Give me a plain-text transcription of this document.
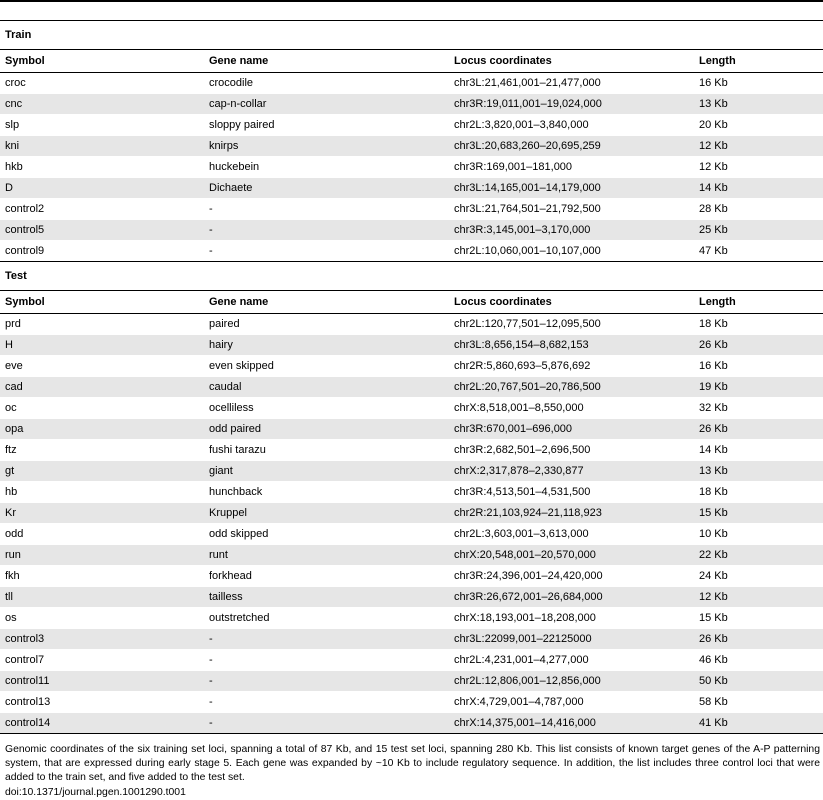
Train			
Symbol	Gene name	Locus coordinates	Length
croc	crocodile	chr3L:21,461,001–21,477,000	16 Kb
cnc	cap-n-collar	chr3R:19,011,001–19,024,000	13 Kb
slp	sloppy paired	chr2L:3,820,001–3,840,000	20 Kb
kni	knirps	chr3L:20,683,260–20,695,259	12 Kb
hkb	huckebein	chr3R:169,001–181,000	12 Kb
D	Dichaete	chr3L:14,165,001–14,179,000	14 Kb
control2	-	chr3L:21,764,501–21,792,500	28 Kb
control5	-	chr3R:3,145,001–3,170,000	25 Kb
control9	-	chr2L:10,060,001–10,107,000	47 Kb
Test			
Symbol	Gene name	Locus coordinates	Length
prd	paired	chr2L:120,77,501–12,095,500	18 Kb
H	hairy	chr3L:8,656,154–8,682,153	26 Kb
eve	even skipped	chr2R:5,860,693–5,876,692	16 Kb
cad	caudal	chr2L:20,767,501–20,786,500	19 Kb
oc	ocelliless	chrX:8,518,001–8,550,000	32 Kb
opa	odd paired	chr3R:670,001–696,000	26 Kb
ftz	fushi tarazu	chr3R:2,682,501–2,696,500	14 Kb
gt	giant	chrX:2,317,878–2,330,877	13 Kb
hb	hunchback	chr3R:4,513,501–4,531,500	18 Kb
Kr	Kruppel	chr2R:21,103,924–21,118,923	15 Kb
odd	odd skipped	chr2L:3,603,001–3,613,000	10 Kb
run	runt	chrX:20,548,001–20,570,000	22 Kb
fkh	forkhead	chr3R:24,396,001–24,420,000	24 Kb
tll	tailless	chr3R:26,672,001–26,684,000	12 Kb
os	outstretched	chrX:18,193,001–18,208,000	15 Kb
control3	-	chr3L:22099,001–22125000	26 Kb
control7	-	chr2L:4,231,001–4,277,000	46 Kb
control11	-	chr2L:12,806,001–12,856,000	50 Kb
control13	-	chrX:4,729,001–4,787,000	58 Kb
control14	-	chrX:14,375,001–14,416,000	41 Kb
Genomic coordinates of the six training set loci, spanning a total of 87 Kb, and 15 test set loci, spanning 280 Kb. This list consists of known target genes of the A-P patterning system, that are expressed during early stage 5. Each gene was expanded by ~10 Kb to include regulatory sequence. In addition, the list includes three control loci that were added to the train set, and five added to the test set.
doi:10.1371/journal.pgen.1001290.t001
